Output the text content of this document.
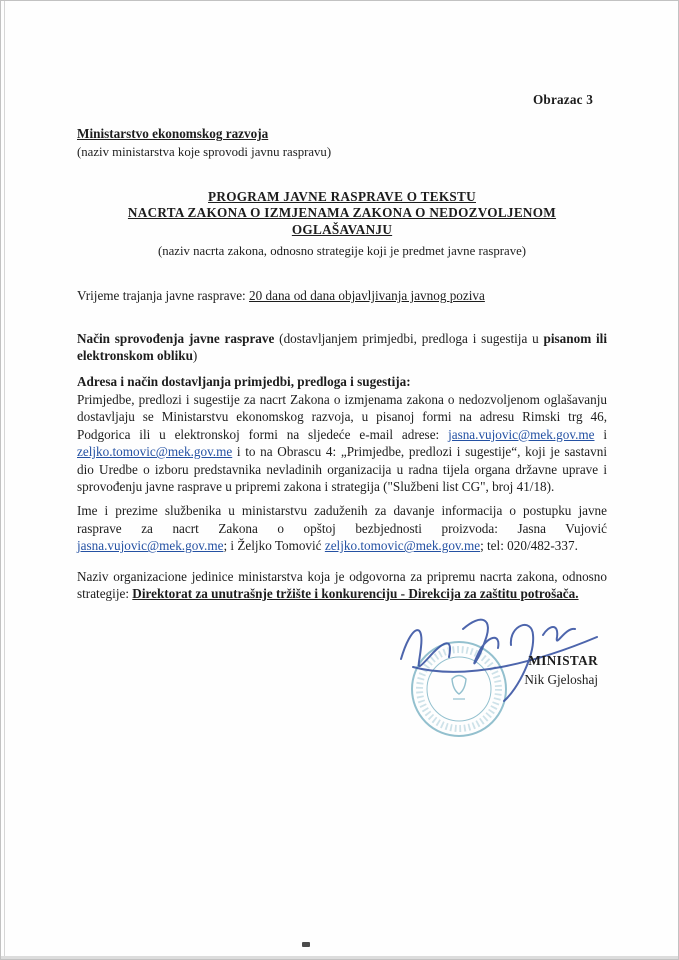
Obrazac 3
Ministarstvo ekonomskog razvoja
(naziv ministarstva koje sprovodi javnu raspravu)
PROGRAM JAVNE RASPRAVE O TEKSTU
NACRTA ZAKONA O IZMJENAMA ZAKONA O NEDOZVOLJENOM
OGLAŠAVANJU
(naziv nacrta zakona, odnosno strategije koji je predmet javne rasprave)

Vrijeme trajanja javne rasprave: 20 dana od dana objavljivanja javnog poziva

Način sprovođenja javne rasprave (dostavljanjem primjedbi, predloga i sugestija u pisanom ili elektronskom obliku)

Adresa i način dostavljanja primjedbi, predloga i sugestija:

Primjedbe, predlozi i sugestije za nacrt Zakona o izmjenama zakona o nedozvoljenom oglašavanju dostavljaju se Ministarstvu ekonomskog razvoja, u pisanoj formi na adresu Rimski trg 46, Podgorica ili u elektronskoj formi na sljedeće e-mail adrese: jasna.vujovic@mek.gov.me i zeljko.tomovic@mek.gov.me i to na Obrascu 4: „Primjedbe, predlozi i sugestije“, koji je sastavni dio Uredbe o izboru predstavnika nevladinih organizacija u radna tijela organa državne uprave i sprovođenju javne rasprave u pripremi zakona i strategija ("Službeni list CG", broj 41/18).

Ime i prezime službenika u ministarstvu zaduženih za davanje informacija o postupku javne rasprave za nacrt Zakona o opštoj bezbjednosti proizvoda: Jasna Vujović jasna.vujovic@mek.gov.me; i Željko Tomović zeljko.tomovic@mek.gov.me; tel: 020/482-337.

Naziv organizacione jedinice ministarstva koja je odgovorna za pripremu nacrta zakona, odnosno strategije: Direktorat za unutrašnje tržište i konkurenciju - Direkcija za zaštitu potrošača.

MINISTAR
Nik Gjeloshaj
